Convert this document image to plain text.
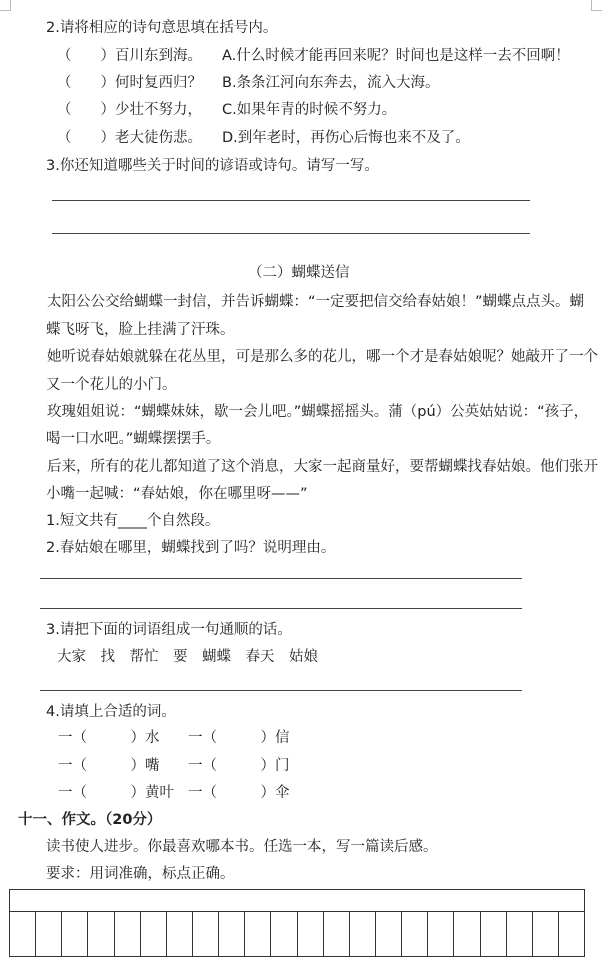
2.请将相应的诗句意思填在括号内。
（　　）百川东到海。 A.什么时候才能再回来呢？时间也是这样一去不回啊！
（　　）何时复西归？ B.条条江河向东奔去，流入大海。
（　　）少壮不努力， C.如果年青的时候不努力。
（　　）老大徒伤悲。 D.到年老时，再伤心后悔也来不及了。
3.你还知道哪些关于时间的谚语或诗句。请写一写。
（二）蝴蝶送信
　　太阳公公交给蝴蝶一封信，并告诉蝴蝶：“一定要把信交给春姑娘！”蝴蝶点点头。蝴
蝶飞呀飞，脸上挂满了汗珠。
　　她听说春姑娘就躲在花丛里，可是那么多的花儿，哪一个才是春姑娘呢？她敲开了一个
又一个花儿的小门。
　　玫瑰姐姐说：“蝴蝶妹妹，歇一会儿吧。”蝴蝶摇摇头。蒲（pú）公英姑姑说：“孩子，
喝一口水吧。”蝴蝶摆摆手。
　　后来，所有的花儿都知道了这个消息，大家一起商量好，要帮蝴蝶找春姑娘。他们张开
小嘴一起喊：“春姑娘，你在哪里呀——”
1.短文共有____个自然段。
2.春姑娘在哪里，蝴蝶找到了吗？说明理由。
3.请把下面的词语组成一句通顺的话。
大家　找　帮忙　要　蝴蝶　春天　姑娘
4.请填上合适的词。
一（　　　）水 一（　　　）信
一（　　　）嘴 一（　　　）门
一（　　　）黄叶 一（　　　）伞
十一、作文。（20分）
读书使人进步。你最喜欢哪本书。任选一本，写一篇读后感。
要求：用词准确，标点正确。
